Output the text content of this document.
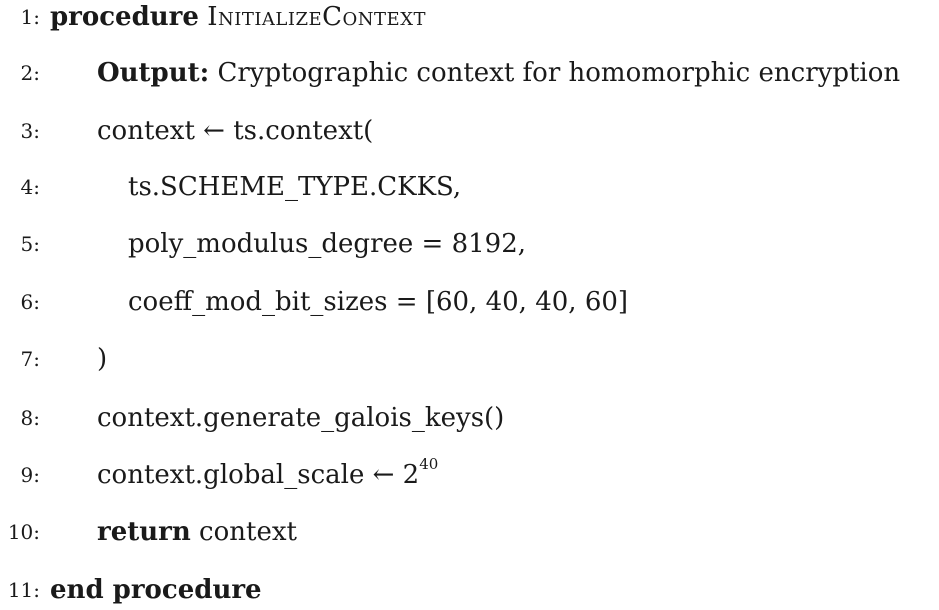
1: procedure InitializeContext
2: Output: Cryptographic context for homomorphic encryption
3: context ← ts.context(
4:	ts.SCHEME_TYPE.CKKS,
5:	poly_modulus_degree = 8192,
6:	coeff_mod_bit_sizes = [60, 40, 40, 60]
7: )
8: context.generate_galois_keys()
9: context.global_scale ← $2^{40}$
10: return context
11: end procedure
